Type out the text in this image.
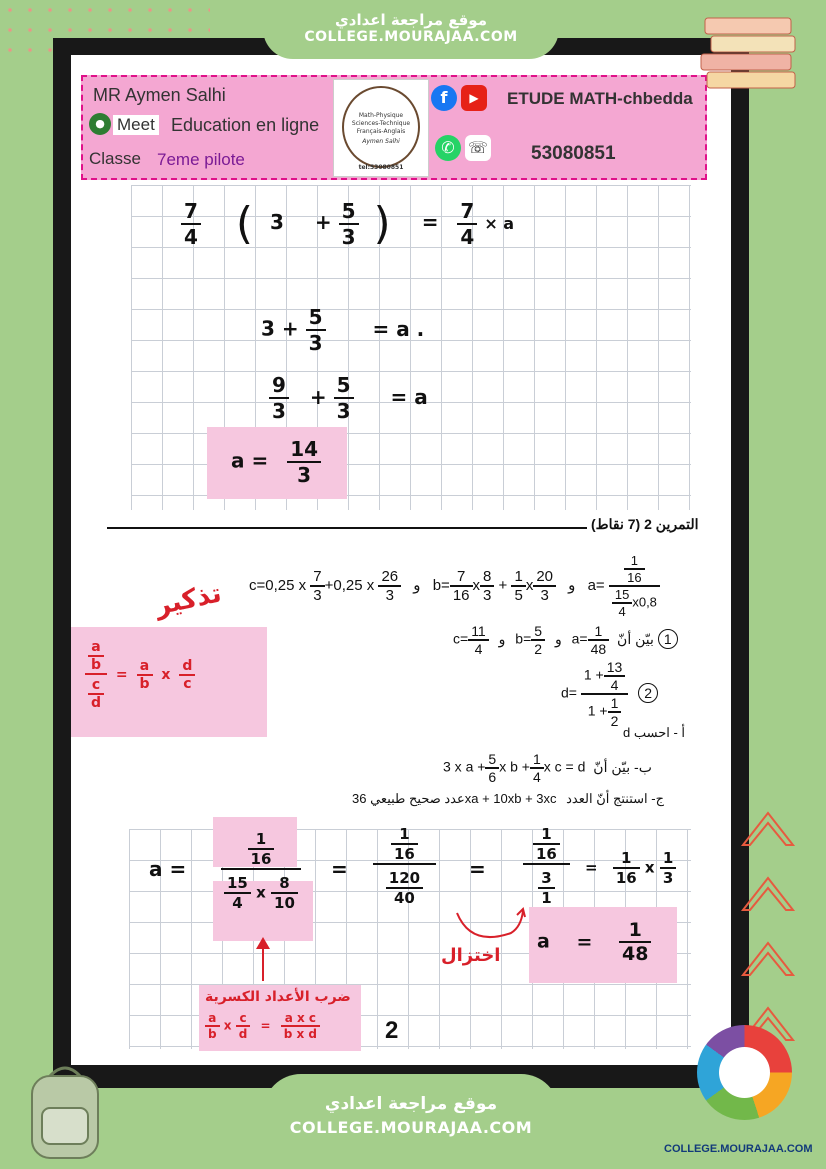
MR Aymen Salhi
● Meet Education en ligne
Classe 7eme pilote
Math-Physique
Sciences-Technique
Français-Anglais
Aymen Salhi
tel:53080851
f	▶
✆ ☏
ETUDE MATH-chbedda
53080851
$\frac{7}{4}$ ( $3 + \frac{5}{3}$ ) = $\frac{7}{4} \times a$
$3 + \frac{5}{3} = a$ .
$\frac{9}{3} + \frac{5}{3} = a$
$a = \frac{14}{3}$
التمرين 2 (7 نقاط)
c=0,25 x $\frac{7}{3} +0,25$ x $\frac{26}{3}$ و $b= \frac{7}{16}$ x $\frac{8}{3} + \frac{1}{5}$ x $\frac{20}{3}$ و $a= \frac{\frac{1}{16}}{\frac{15}{4} x0,8}$
$c= \frac{11}{4}$ و $b= \frac{5}{2}$ و $a= \frac{1}{48}$ بيّن أنّ 1
$d= \frac{1 + \frac{13}{4}}{1 + \frac{1}{2}} 2$
d أ - احسب
3 x $a + \frac{5}{6}$ x $b + \frac{1}{4}$ x c = d ب- بيّن أنّ
عدد صحيح طبيعي 36xa + 10xb + 3xc ج- استنتج أنّ العدد
تذكير
$\frac{\frac{a}{b}}{\frac{c}{d}} = \frac{a}{b}$ x $\frac{d}{c}$
$a = \frac{\frac{1}{16}}{\frac{15}{4} x \frac{8}{10}} = \frac{\frac{1}{16}}{\frac{120}{40}} = \frac{\frac{1}{16}}{\frac{3}{1}} = \frac{1}{16}$ x $\frac{1}{3}$
$a = \frac{1}{48}$
اختزال
ضرب الأعداد الكسرية
$\frac{a}{b}$ x $\frac{c}{d} = \frac{\text{a x c}}{\text{b x d}}$	2
موقع مراجعة اعدادي
COLLEGE.MOURAJAA.COM
موقع مراجعة اعدادي
COLLEGE.MOURAJAA.COM
COLLEGE.MOURAJAA.COM
